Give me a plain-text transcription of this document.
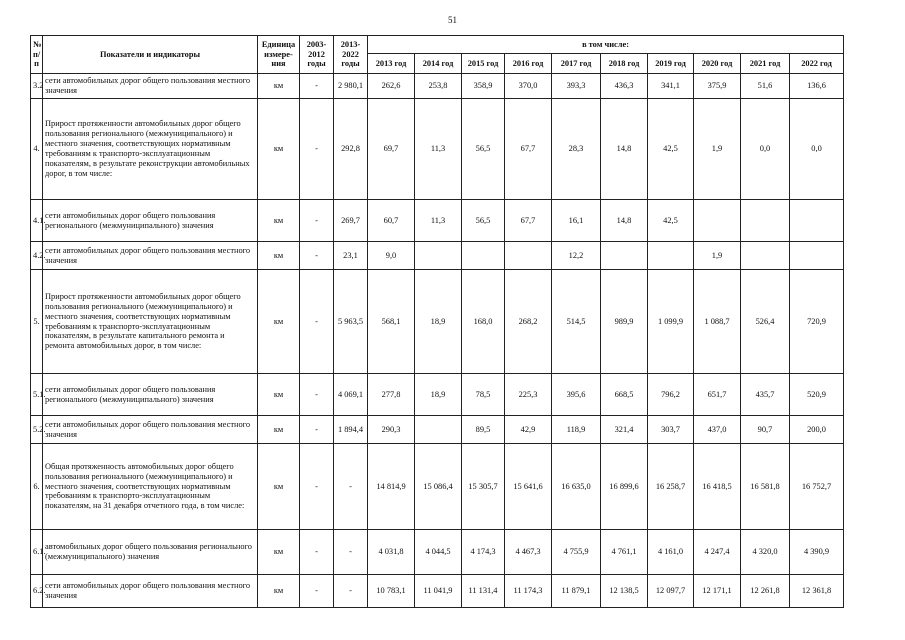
51
№ п/п	Показатели и индикаторы	Единица измере-ния	2003-2012 годы	2013-2022 годы	в том числе:									
					2013 год	2014 год	2015 год	2016 год	2017 год	2018 год	2019 год	2020 год	2021 год	2022 год
3.2	сети автомобильных дорог общего пользования местного значения	км	-	2 980,1	262,6	253,8	358,9	370,0	393,3	436,3	341,1	375,9	51,6	136,6
4.	Прирост протяженности автомобильных дорог общего пользования регионального (межмуниципального) и местного значения, соответствующих нормативным требованиям к транспорто-эксплуатационным показателям, в результате реконструкции автомобильных дорог, в том числе:	км	-	292,8	69,7	11,3	56,5	67,7	28,3	14,8	42,5	1,9	0,0	0,0
4.1.	сети автомобильных дорог общего пользования регионального (межмуниципального) значения	км	-	269,7	60,7	11,3	56,5	67,7	16,1	14,8	42,5			
4.2.	сети автомобильных дорог общего пользования местного значения	км	-	23,1	9,0				12,2			1,9		
5.	Прирост протяженности автомобильных дорог общего пользования регионального (межмуниципального) и местного значения, соответствующих нормативным требованиям к транспорто-эксплуатационным показателям, в результате капитального ремонта и ремонта автомобильных дорог, в том числе:	км	-	5 963,5	568,1	18,9	168,0	268,2	514,5	989,9	1 099,9	1 088,7	526,4	720,9
5.1.	сети автомобильных дорог общего пользования регионального (межмуниципального) значения	км	-	4 069,1	277,8	18,9	78,5	225,3	395,6	668,5	796,2	651,7	435,7	520,9
5.2.	сети автомобильных дорог общего пользования местного значения	км	-	1 894,4	290,3		89,5	42,9	118,9	321,4	303,7	437,0	90,7	200,0
6.	Общая протяженность автомобильных дорог общего пользования регионального (межмуниципального) и местного значения, соответствующих нормативным требованиям к транспорто-эксплуатационным показателям, на 31 декабря отчетного года, в том числе:	км	-	-	14 814,9	15 086,4	15 305,7	15 641,6	16 635,0	16 899,6	16 258,7	16 418,5	16 581,8	16 752,7
6.1.	автомобильных дорог общего пользования регионального (межмуниципального) значения	км	-	-	4 031,8	4 044,5	4 174,3	4 467,3	4 755,9	4 761,1	4 161,0	4 247,4	4 320,0	4 390,9
6.2.	сети автомобильных дорог общего пользования местного значения	км	-	-	10 783,1	11 041,9	11 131,4	11 174,3	11 879,1	12 138,5	12 097,7	12 171,1	12 261,8	12 361,8
